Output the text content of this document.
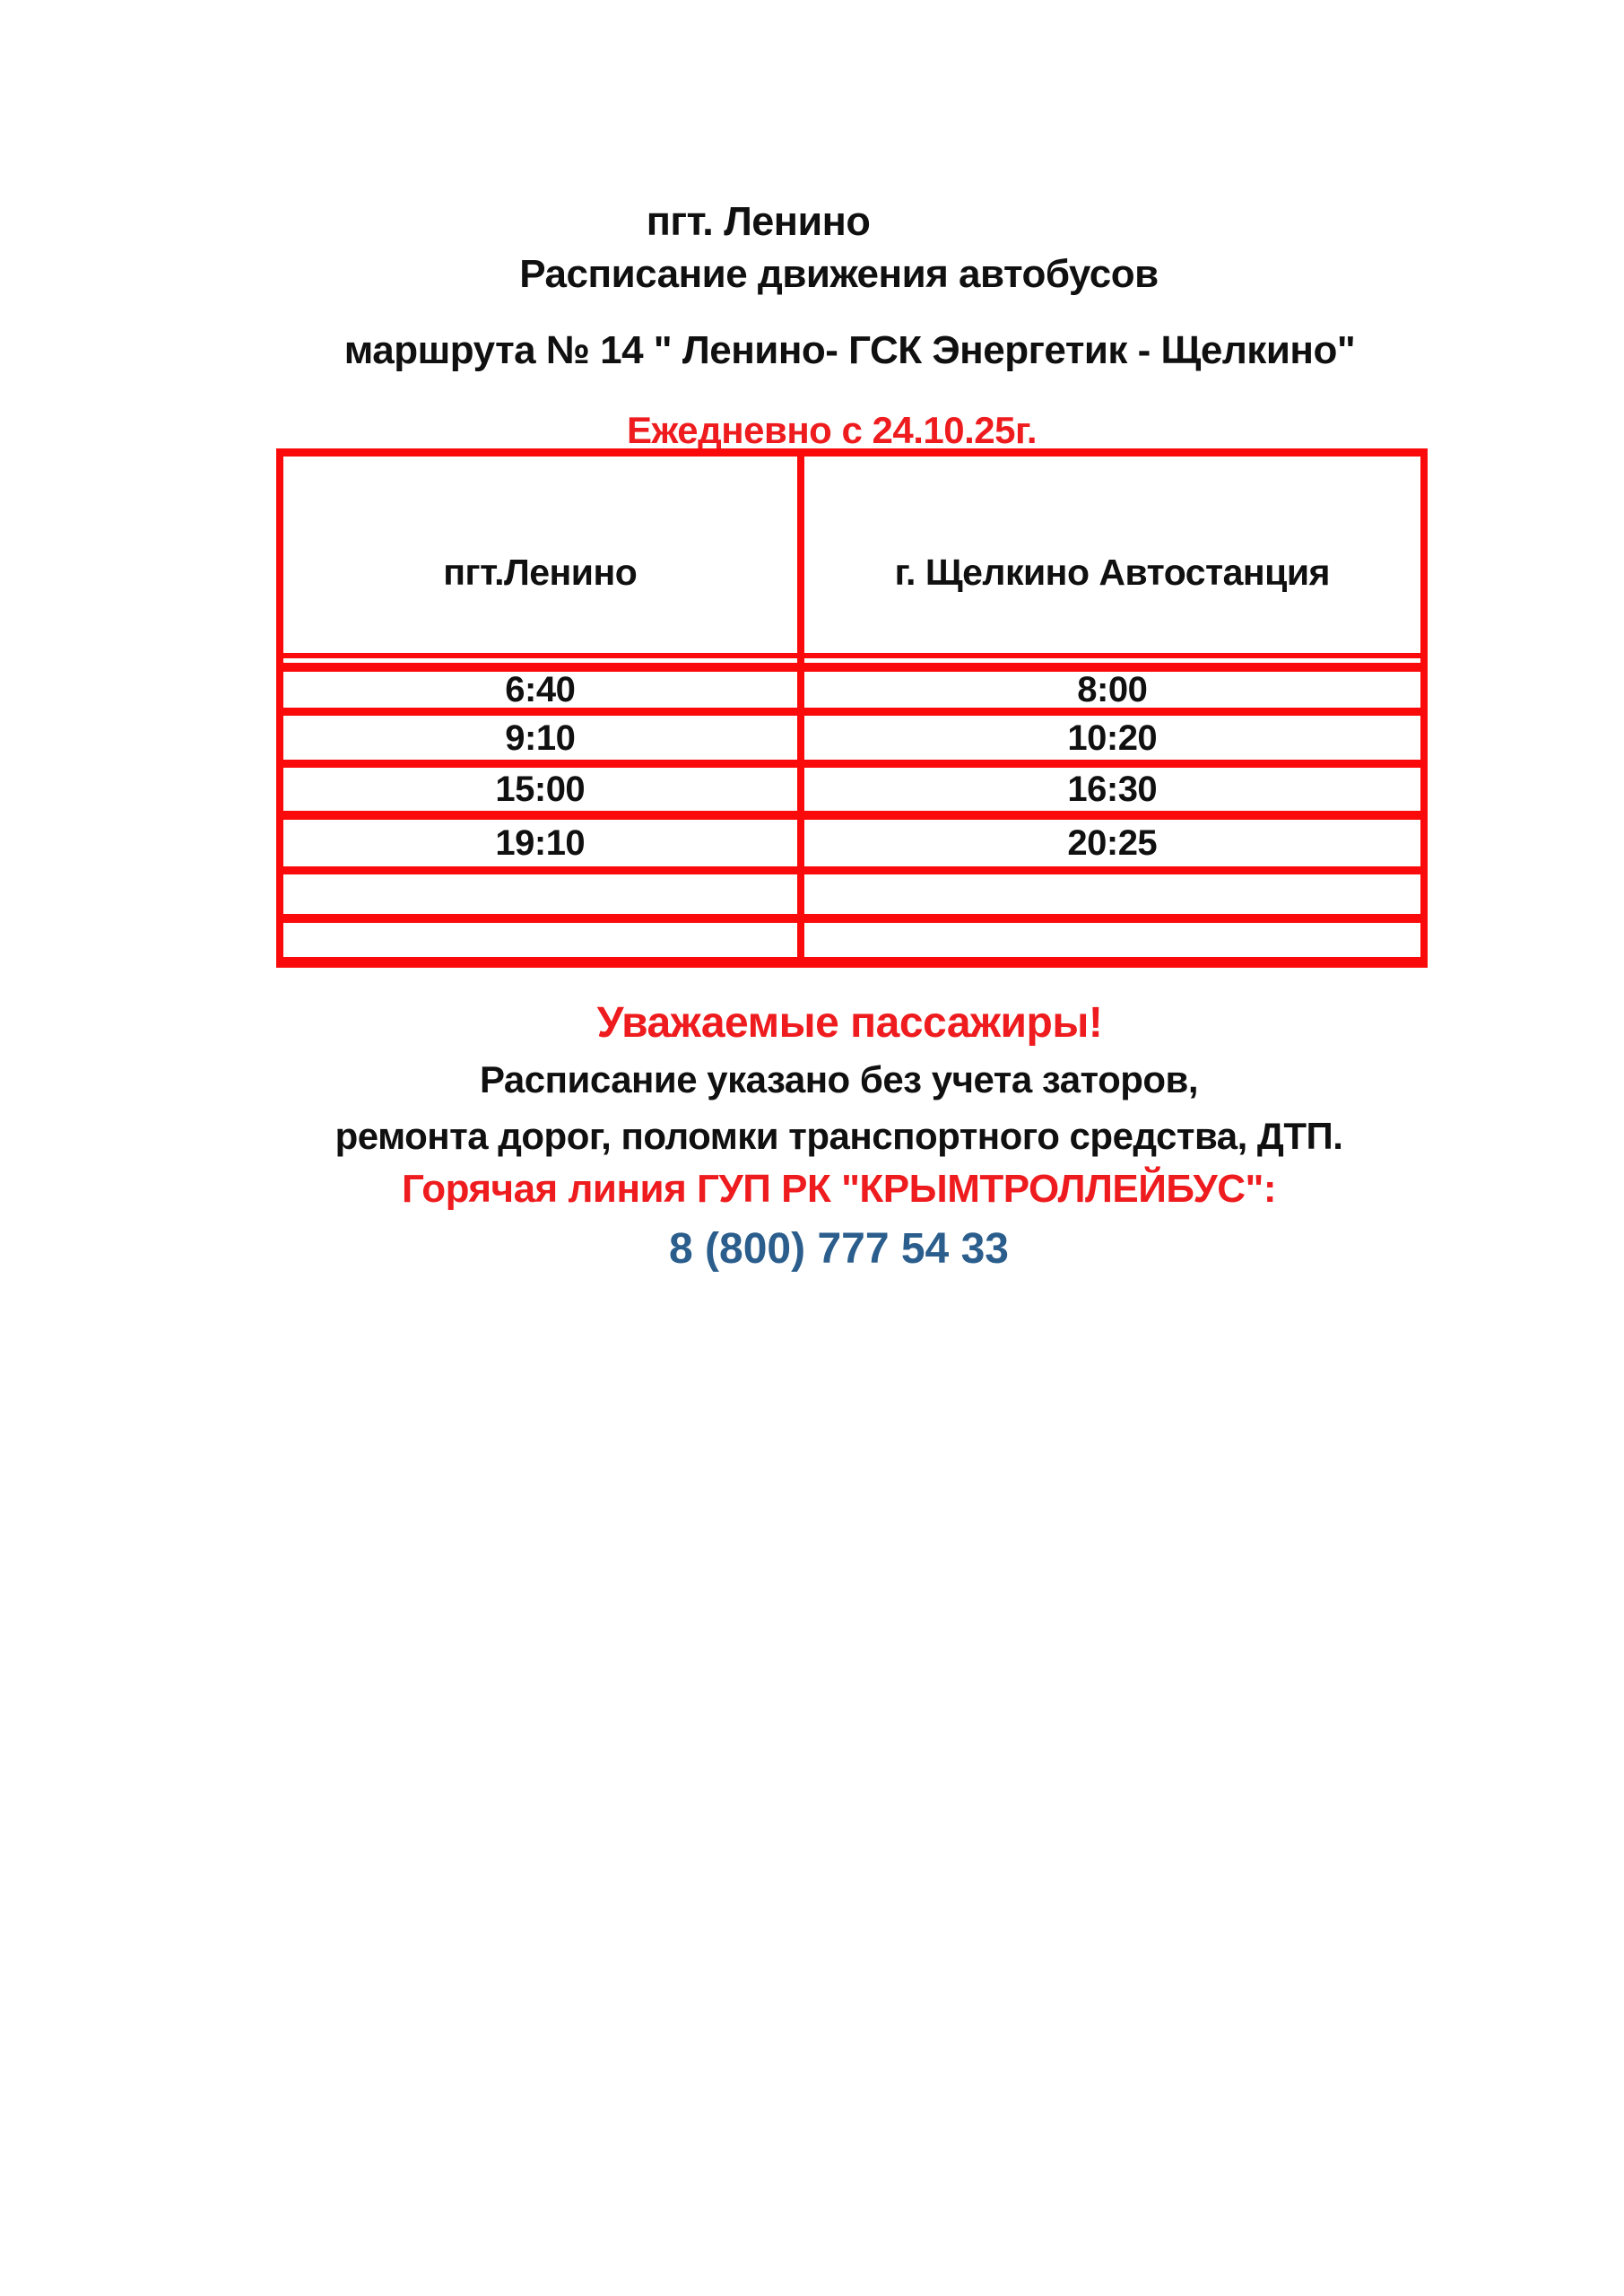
пгт. Ленино
Расписание движения автобусов
маршрута № 14 " Ленино- ГСК Энергетик - Щелкино"
Ежедневно с 24.10.25г.
пгт.Ленино	г. Щелкино Автостанция

6:40	8:00
9:10	10:20
15:00	16:30
19:10	20:25

Уважаемые пассажиры!
Расписание указано без учета заторов,
ремонта дорог, поломки транспортного средства, ДТП.
Горячая линия ГУП РК "КРЫМТРОЛЛЕЙБУС":
8 (800) 777 54 33
